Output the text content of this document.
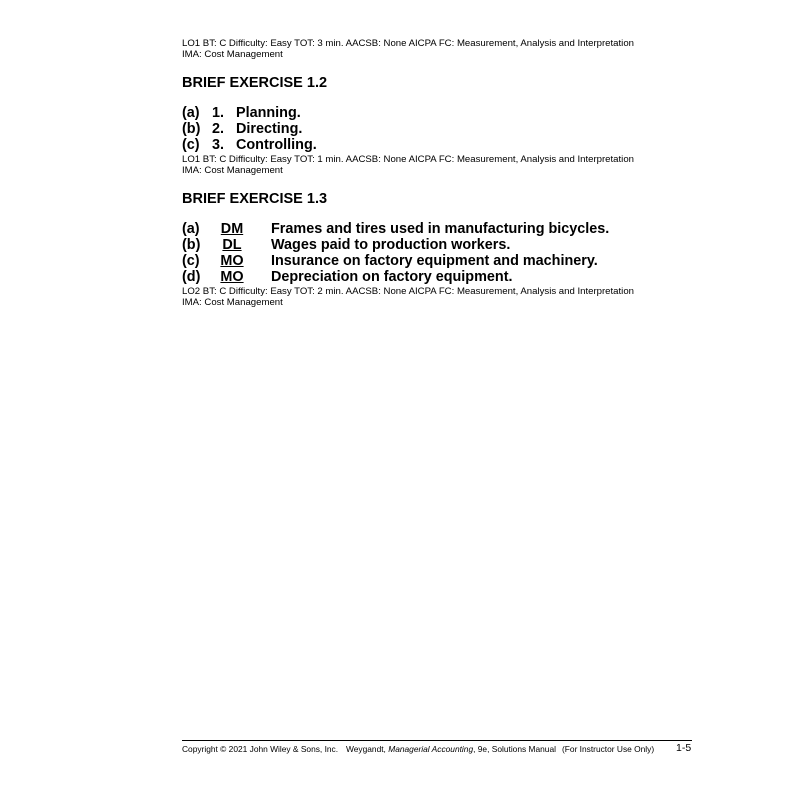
LO1 BT: C Difficulty: Easy TOT: 3 min. AACSB: None AICPA FC: Measurement, Analysis and Interpretation
IMA: Cost Management
BRIEF EXERCISE 1.2
(a) 1. Planning.
(b) 2. Directing.
(c) 3. Controlling.
LO1 BT: C Difficulty: Easy TOT: 1 min. AACSB: None AICPA FC: Measurement, Analysis and Interpretation
IMA: Cost Management
BRIEF EXERCISE 1.3
(a)	DM	Frames and tires used in manufacturing bicycles.
(b)	DL	Wages paid to production workers.
(c)	MO	Insurance on factory equipment and machinery.
(d)	MO	Depreciation on factory equipment.
LO2 BT: C Difficulty: Easy TOT: 2 min. AACSB: None AICPA FC: Measurement, Analysis and Interpretation
IMA: Cost Management
Copyright © 2021 John Wiley & Sons, Inc. Weygandt, Managerial Accounting, 9e, Solutions Manual (For Instructor Use Only) 1-5
